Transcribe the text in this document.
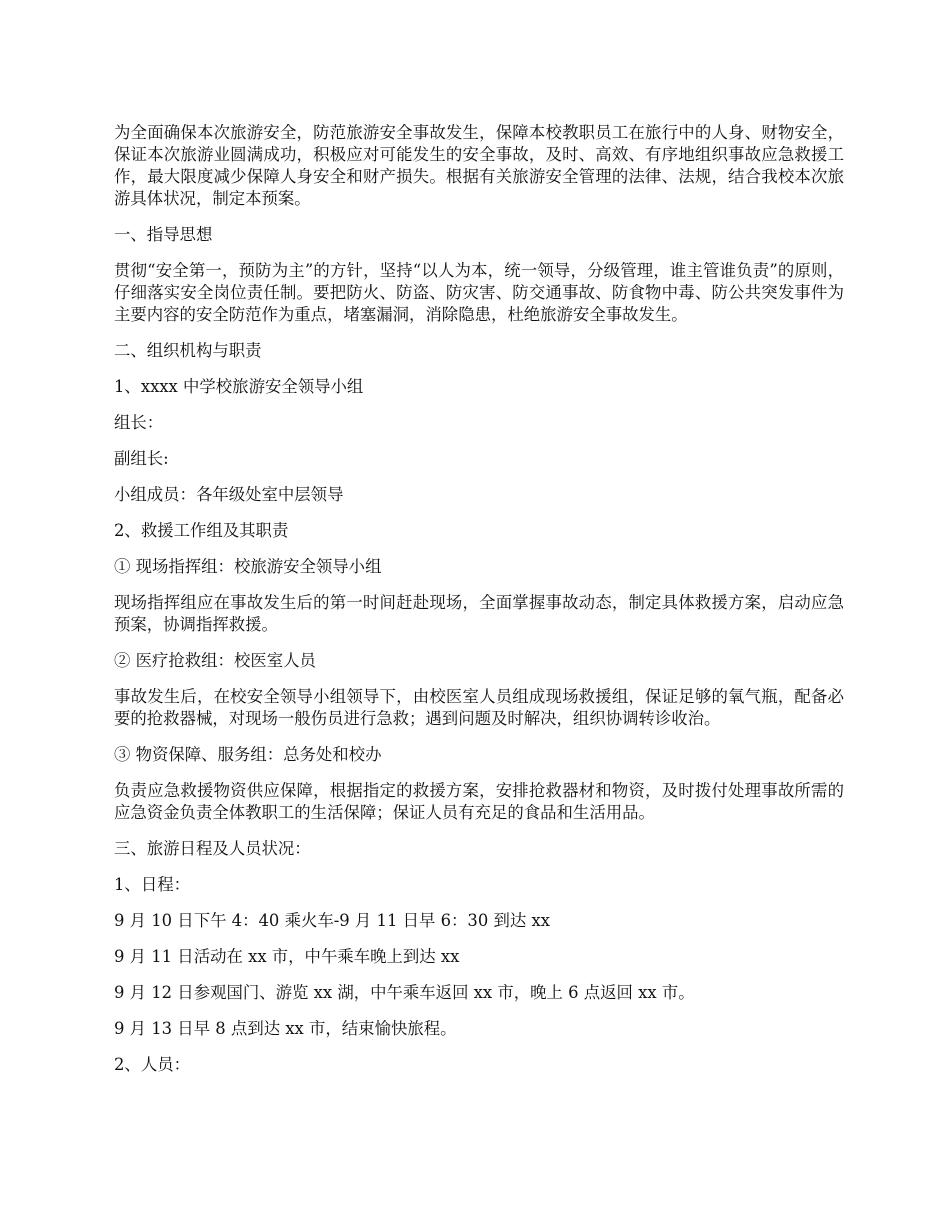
为全面确保本次旅游安全，防范旅游安全事故发生，保障本校教职员工在旅行中的人身、财物安全，保证本次旅游业圆满成功，积极应对可能发生的安全事故，及时、高效、有序地组织事故应急救援工作，最大限度减少保障人身安全和财产损失。根据有关旅游安全管理的法律、法规，结合我校本次旅游具体状况，制定本预案。

一、指导思想

贯彻“安全第一，预防为主”的方针，坚持“以人为本，统一领导，分级管理，谁主管谁负责”的原则，仔细落实安全岗位责任制。要把防火、防盗、防灾害、防交通事故、防食物中毒、防公共突发事件为主要内容的安全防范作为重点，堵塞漏洞，消除隐患，杜绝旅游安全事故发生。

二、组织机构与职责

1、xxxx 中学校旅游安全领导小组

组长：

副组长:

小组成员：各年级处室中层领导

2、救援工作组及其职责

① 现场指挥组：校旅游安全领导小组

现场指挥组应在事故发生后的第一时间赶赴现场，全面掌握事故动态，制定具体救援方案，启动应急预案，协调指挥救援。

② 医疗抢救组：校医室人员

事故发生后，在校安全领导小组领导下，由校医室人员组成现场救援组，保证足够的氧气瓶，配备必要的抢救器械，对现场一般伤员进行急救；遇到问题及时解决，组织协调转诊收治。

③ 物资保障、服务组：总务处和校办

负责应急救援物资供应保障，根据指定的救援方案，安排抢救器材和物资，及时拨付处理事故所需的应急资金负责全体教职工的生活保障；保证人员有充足的食品和生活用品。

三、旅游日程及人员状况：

1、日程：

9 月 10 日下午 4：40 乘火车-9 月 11 日早 6：30 到达 xx

9 月 11 日活动在 xx 市，中午乘车晚上到达 xx

9 月 12 日参观国门、游览 xx 湖，中午乘车返回 xx 市，晚上 6 点返回 xx 市。

9 月 13 日早 8 点到达 xx 市，结束愉快旅程。

2、人员：
